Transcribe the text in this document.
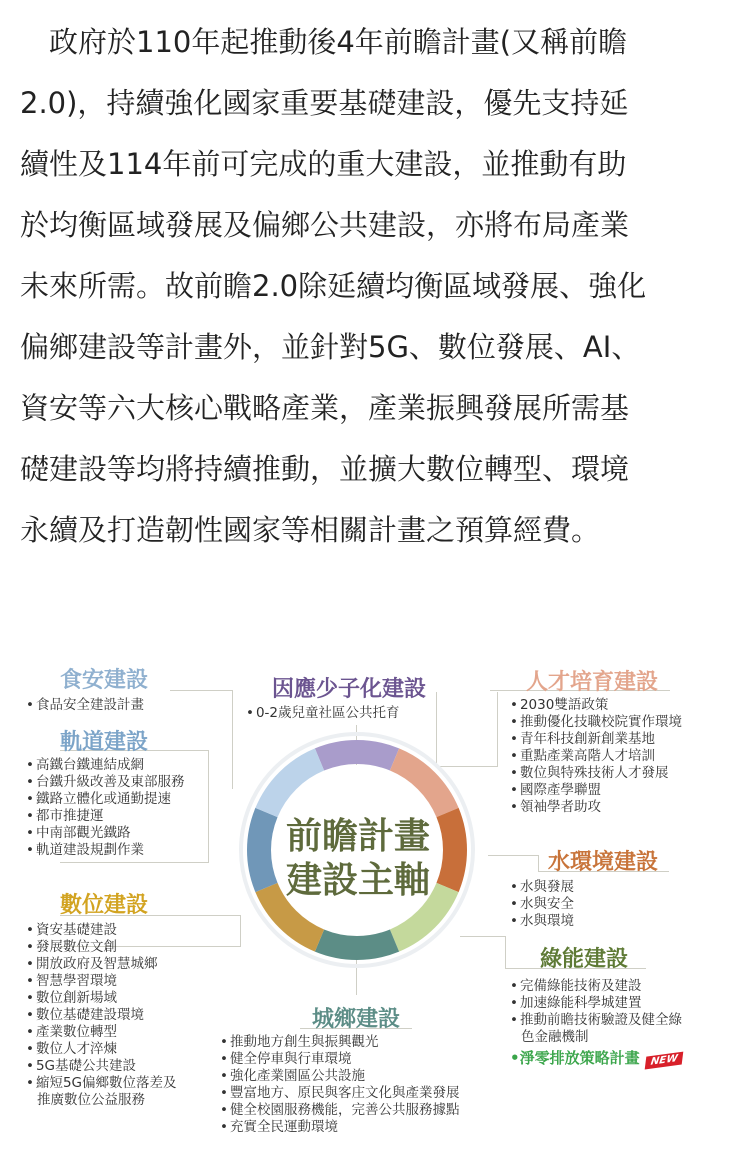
　政府於110年起推動後4年前瞻計畫(又稱前瞻
2.0)，持續強化國家重要基礎建設，優先支持延
續性及114年前可完成的重大建設，並推動有助
於均衡區域發展及偏鄉公共建設，亦將布局產業
未來所需。故前瞻2.0除延續均衡區域發展、強化
偏鄉建設等計畫外，並針對5G、數位發展、AI、
資安等六大核心戰略產業，產業振興發展所需基
礎建設等均將持續推動，並擴大數位轉型、環境
永續及打造韌性國家等相關計畫之預算經費。
前瞻計畫
建設主軸
食安建設
• 食品安全建設計畫
軌道建設
• 高鐵台鐵連結成網
• 台鐵升級改善及東部服務
• 鐵路立體化或通勤提速
• 都市推捷運
• 中南部觀光鐵路
• 軌道建設規劃作業
數位建設
• 資安基礎建設
• 發展數位文創
• 開放政府及智慧城鄉
• 智慧學習環境
• 數位創新場域
• 數位基礎建設環境
• 產業數位轉型
• 數位人才淬煉
• 5G基礎公共建設
• 縮短5G偏鄉數位落差及
推廣數位公益服務
因應少子化建設
• 0-2歲兒童社區公共托育
人才培育建設
• 2030雙語政策
• 推動優化技職校院實作環境
• 青年科技創新創業基地
• 重點產業高階人才培訓
• 數位與特殊技術人才發展
• 國際產學聯盟
• 領袖學者助攻
水環境建設
• 水與發展
• 水與安全
• 水與環境
綠能建設
• 完備綠能技術及建設
• 加速綠能科學城建置
• 推動前瞻技術驗證及健全綠
色金融機制
•淨零排放策略計畫 NEW
城鄉建設
• 推動地方創生與振興觀光
• 健全停車與行車環境
• 強化產業園區公共設施
• 豐富地方、原民與客庄文化與產業發展
• 健全校園服務機能，完善公共服務據點
• 充實全民運動環境
